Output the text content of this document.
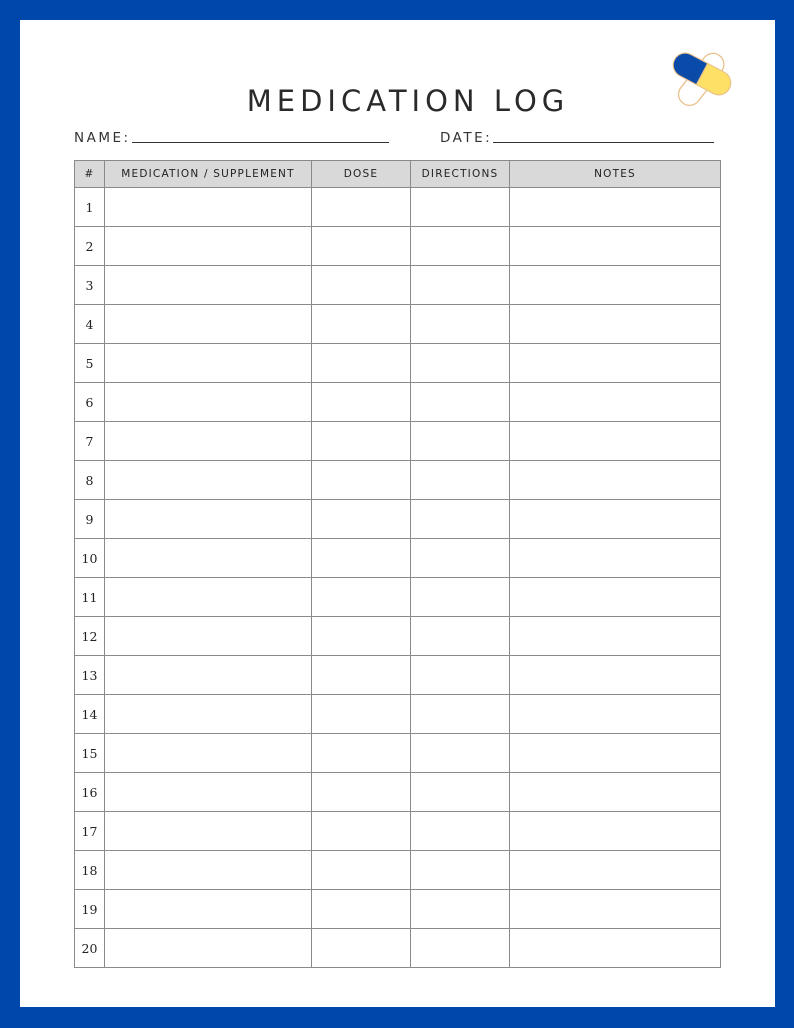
MEDICATION LOG
NAME:	DATE:
#	MEDICATION / SUPPLEMENT	DOSE	DIRECTIONS	NOTES
1				
2				
3				
4				
5				
6				
7				
8				
9				
10				
11				
12				
13				
14				
15				
16				
17				
18				
19				
20				
